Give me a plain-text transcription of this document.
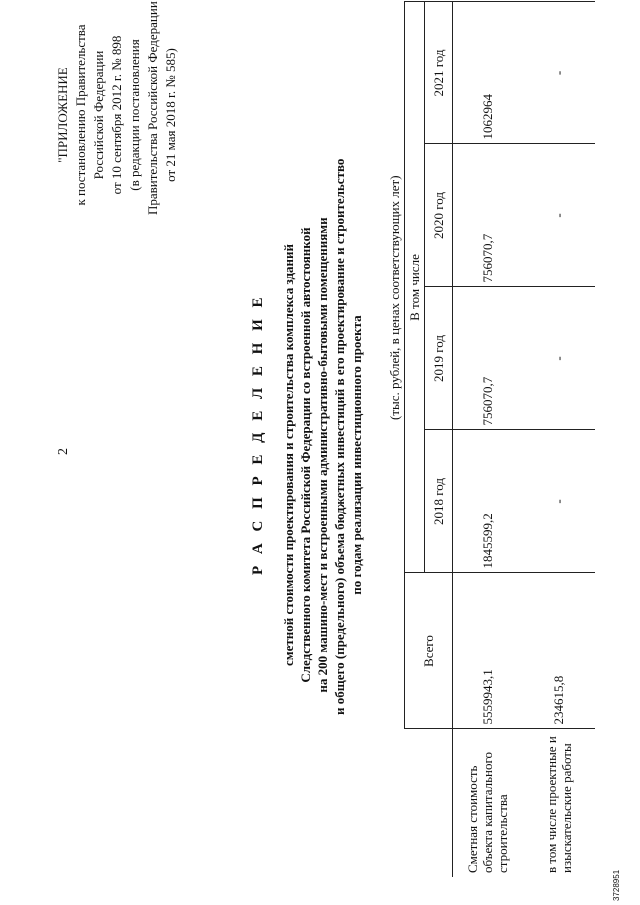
2
"ПРИЛОЖЕНИЕ к постановлению Правительства Российской Федерации от 10 сентября 2012 г. № 898 (в редакции постановления Правительства Российской Федерации от 21 мая 2018 г. № 585)
Р А С П Р Е Д Е Л Е Н И Е сметной стоимости проектирования и строительства комплекса зданий Следственного комитета Российской Федерации со встроенной автостоянкой на 200 машино-мест и встроенными административно-бытовыми помещениями и общего (предельного) объема бюджетных инвестиций в его проектирование и строительство по годам реализации инвестиционного проекта
(тыс. рублей, в ценах соответствующих лет)
	Всего	В том числе			
		2018 год	2019 год	2020 год	2021 год
Сметная стоимость объекта капитального строительства	5559943,1	1845599,2	756070,7	756070,7	1062964
в том числе проектные и изыскательские работы	234615,8	-	-	-	-
3728951
